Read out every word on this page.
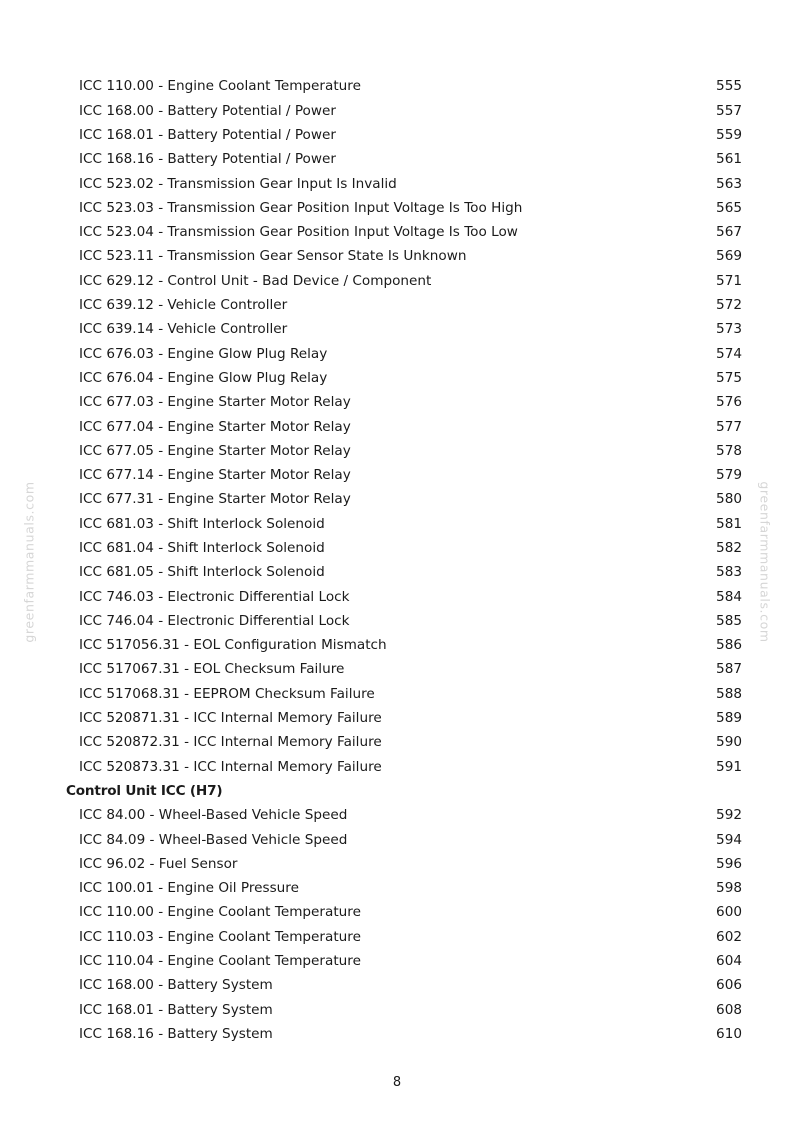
ICC 110.00 - Engine Coolant Temperature	555
ICC 168.00 - Battery Potential / Power	557
ICC 168.01 - Battery Potential / Power	559
ICC 168.16 - Battery Potential / Power	561
ICC 523.02 - Transmission Gear Input Is Invalid	563
ICC 523.03 - Transmission Gear Position Input Voltage Is Too High	565
ICC 523.04 - Transmission Gear Position Input Voltage Is Too Low	567
ICC 523.11 - Transmission Gear Sensor State Is Unknown	569
ICC 629.12 - Control Unit - Bad Device / Component	571
ICC 639.12 - Vehicle Controller	572
ICC 639.14 - Vehicle Controller	573
ICC 676.03 - Engine Glow Plug Relay	574
ICC 676.04 - Engine Glow Plug Relay	575
ICC 677.03 - Engine Starter Motor Relay	576
ICC 677.04 - Engine Starter Motor Relay	577
ICC 677.05 - Engine Starter Motor Relay	578
ICC 677.14 - Engine Starter Motor Relay	579
ICC 677.31 - Engine Starter Motor Relay	580
ICC 681.03 - Shift Interlock Solenoid	581
ICC 681.04 - Shift Interlock Solenoid	582
ICC 681.05 - Shift Interlock Solenoid	583
ICC 746.03 - Electronic Differential Lock	584
ICC 746.04 - Electronic Differential Lock	585
ICC 517056.31 - EOL Configuration Mismatch	586
ICC 517067.31 - EOL Checksum Failure	587
ICC 517068.31 - EEPROM Checksum Failure	588
ICC 520871.31 - ICC Internal Memory Failure	589
ICC 520872.31 - ICC Internal Memory Failure	590
ICC 520873.31 - ICC Internal Memory Failure	591
Control Unit ICC (H7)
ICC 84.00 - Wheel-Based Vehicle Speed	592
ICC 84.09 - Wheel-Based Vehicle Speed	594
ICC 96.02 - Fuel Sensor	596
ICC 100.01 - Engine Oil Pressure	598
ICC 110.00 - Engine Coolant Temperature	600
ICC 110.03 - Engine Coolant Temperature	602
ICC 110.04 - Engine Coolant Temperature	604
ICC 168.00 - Battery System	606
ICC 168.01 - Battery System	608
ICC 168.16 - Battery System	610
8
greenfarmmanuals.com	greenfarmmanuals.com
